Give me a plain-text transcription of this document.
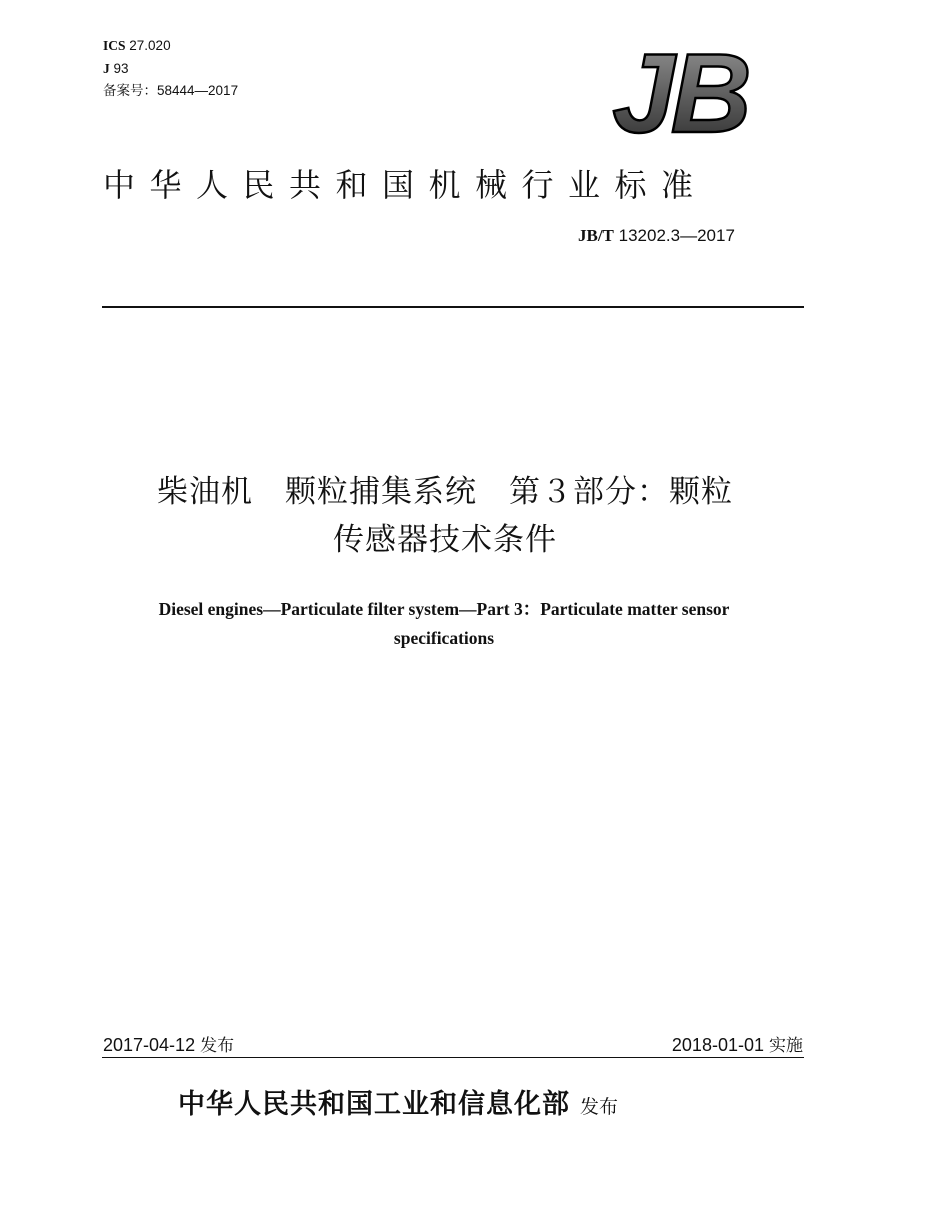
ICS 27.020
J 93
备案号：58444—2017	JB
中华人民共和国机械行业标准
JB/T 13202.3—2017
柴油机　颗粒捕集系统　第３部分：颗粒
传感器技术条件
Diesel engines—Particulate filter system—Part 3：Particulate matter sensor
specifications
2017-04-12 发布	2018-01-01 实施
中华人民共和国工业和信息化部 发布
